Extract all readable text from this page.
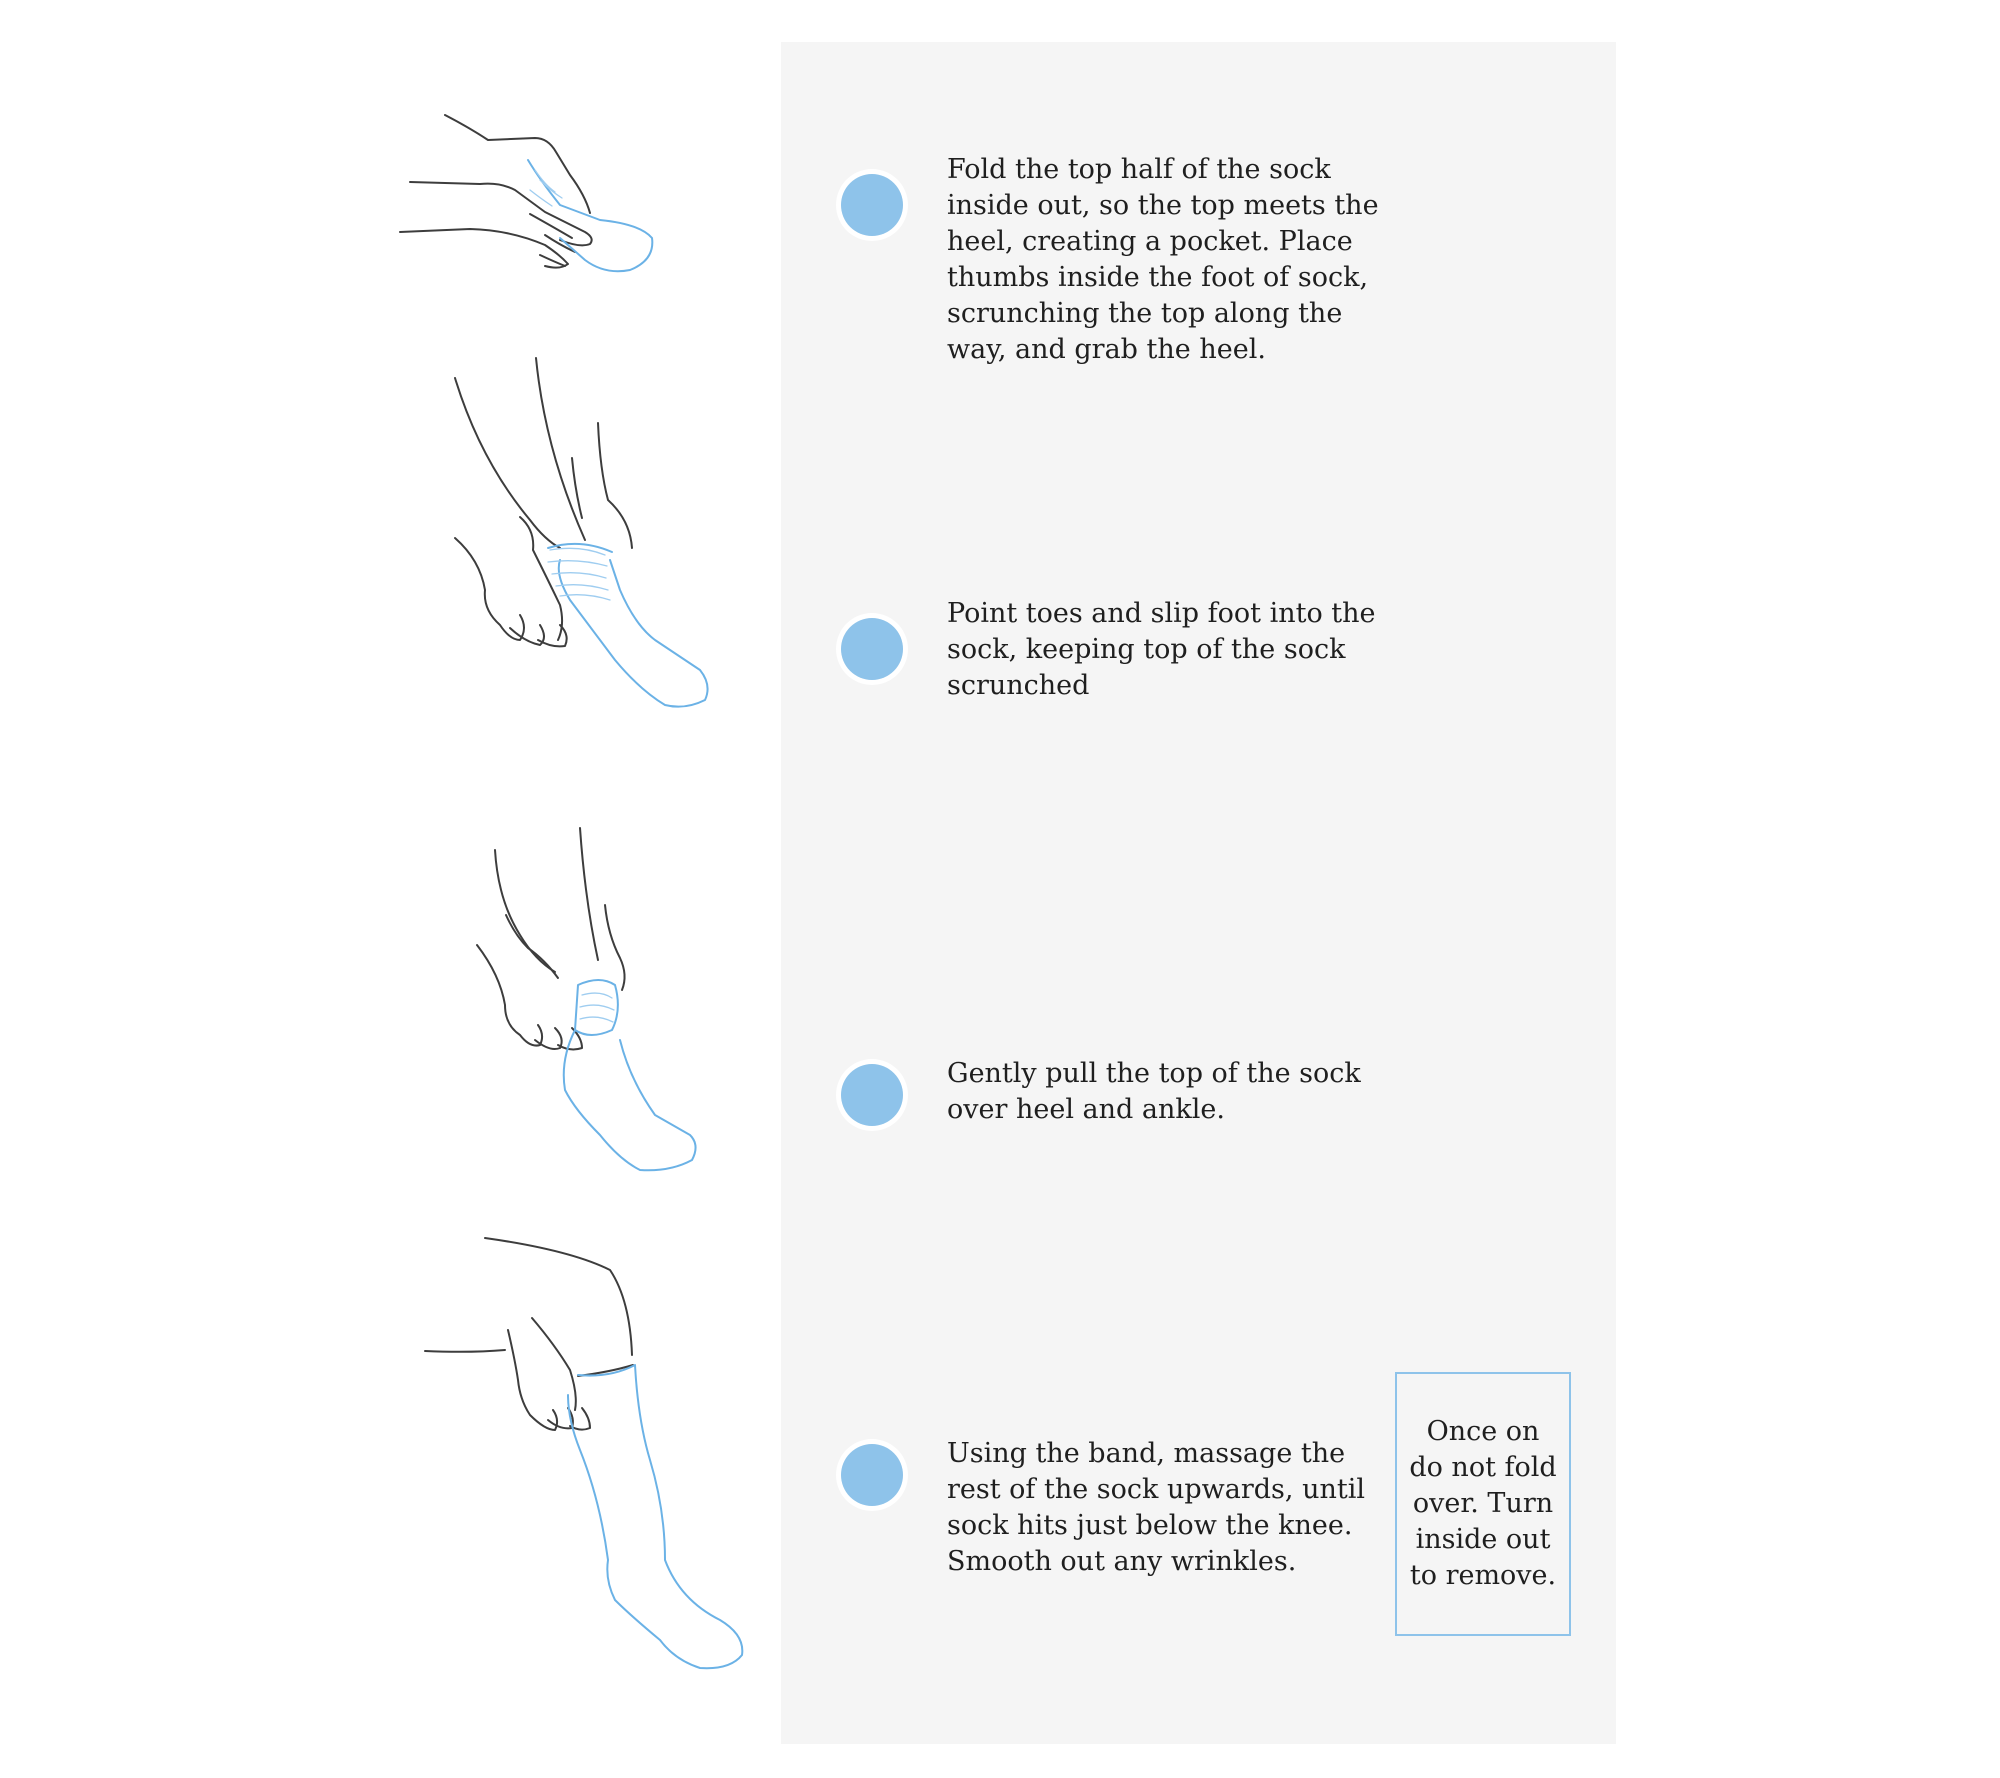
Fold the top half of the sock
inside out, so the top meets the
heel, creating a pocket. Place
thumbs inside the foot of sock,
scrunching the top along the
way, and grab the heel.
Point toes and slip foot into the
sock, keeping top of the sock
scrunched
Gently pull the top of the sock
over heel and ankle.
Using the band, massage the
rest of the sock upwards, until
sock hits just below the knee.
Smooth out any wrinkles.
Once on
do not fold
over. Turn
inside out
to remove.
